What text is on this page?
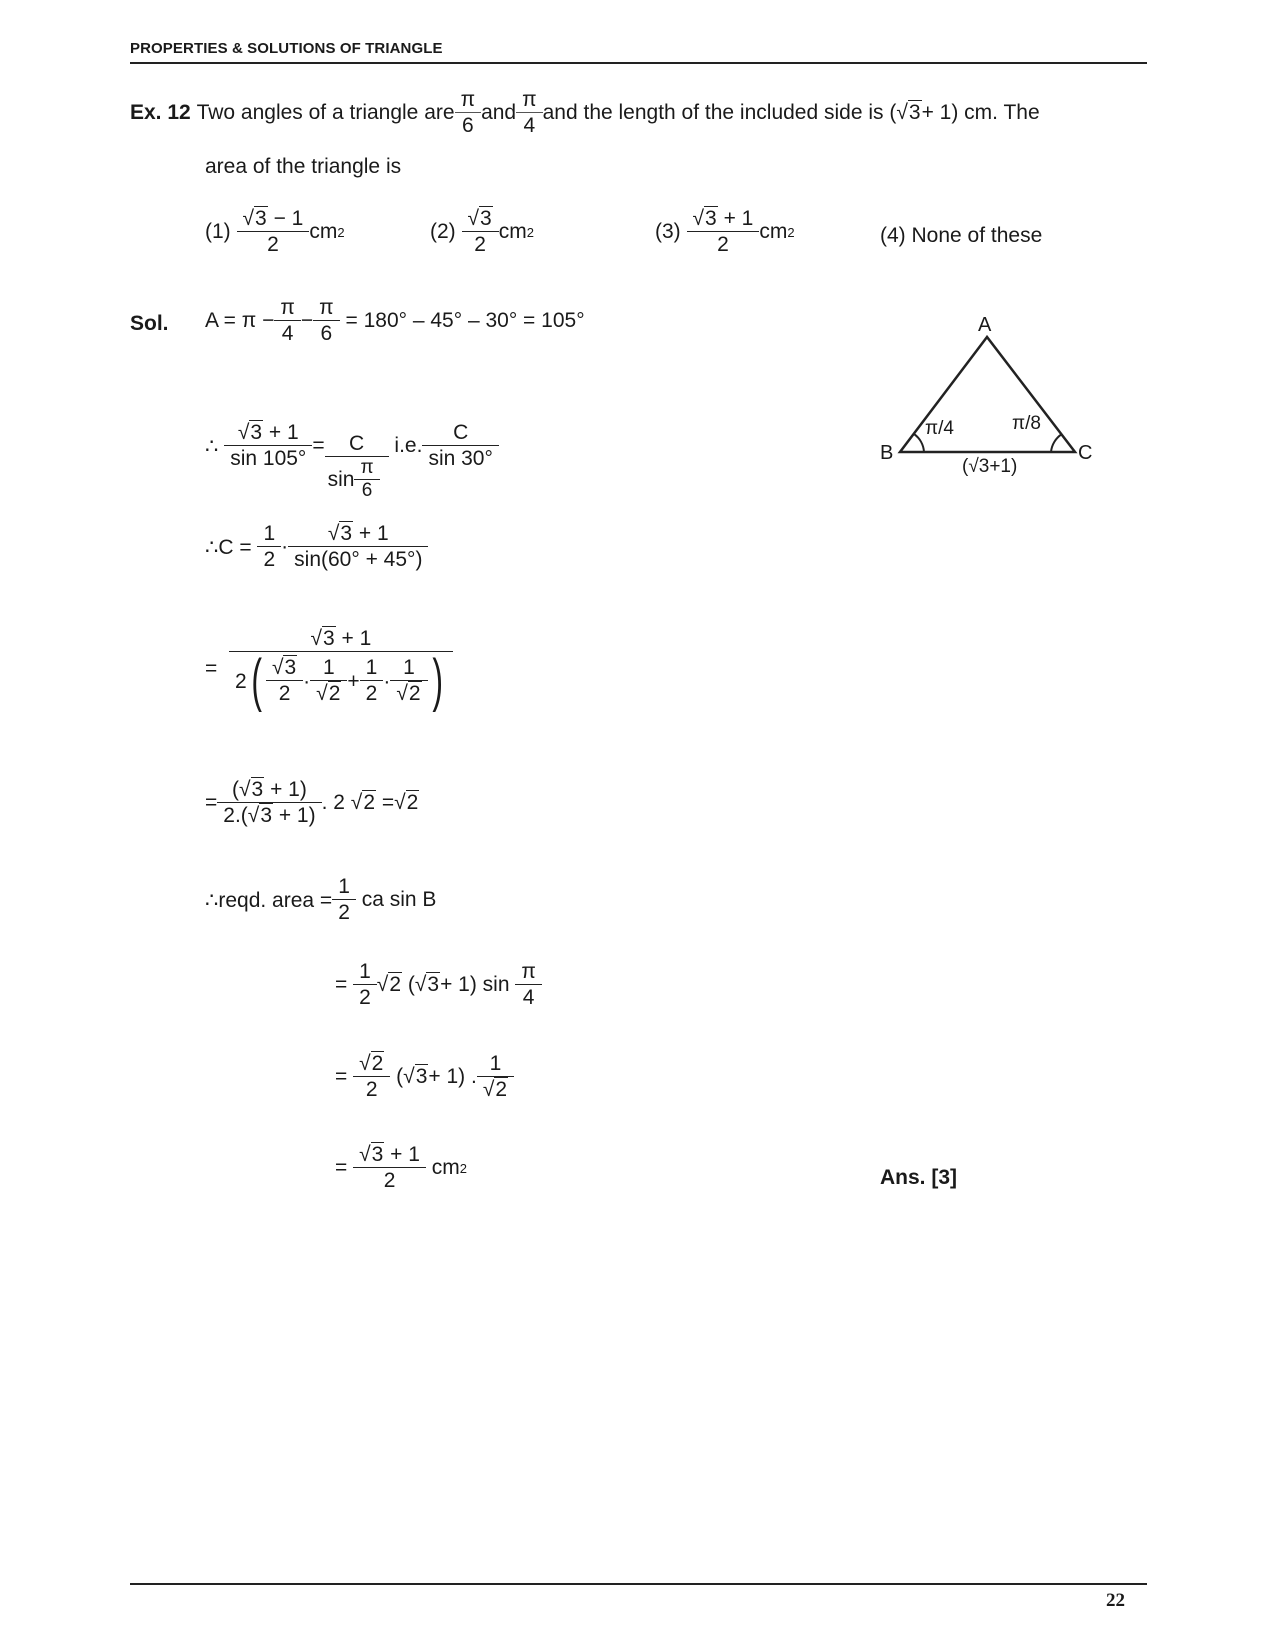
PROPERTIES & SOLUTIONS OF TRIANGLE
Ex. 12
Two angles of a triangle are $\frac{\pi}{6}$ and $\frac{\pi}{4}$ and the length of the included side is ( √3 + 1) cm. The
area of the triangle is
(1)
$\frac{√3 - 1}{2}$ cm 2	(2)
$\frac{√3}{2}$ cm 2	(3)
$\frac{√3 + 1}{2}$ cm 2	(4) None of these
Sol. $A = \pi - \frac{\pi}{4} - \frac{\pi}{6}$
= 180° – 45° – 30° = 105°
∴
$\frac{√3 + 1}{\sin 105^\circ} = \frac{C}{\sin \frac{\pi}{6}}$
i.e. $\frac{C}{\sin 30^\circ}$
∴C =
$\frac{1}{2} \cdot \frac{√3 + 1}{\sin(60^\circ + 45^\circ)}$
=
$\frac{√3 + 1}{2 ( \frac{√3}{2} \cdot \frac{1}{√2} + \frac{1}{2} \cdot \frac{1}{√2} )}$
= $\frac{(√3 + 1)}{2.(√3 + 1)}$ . 2 √ 2
= √ 2
∴reqd. area = $\frac{1}{2}$
ca sin B
=
$\frac{1}{2}$ √ 2
( √ 3 + 1) sin
$\frac{\pi}{4}$
=
$\frac{√2}{2}$
( √ 3 + 1) . $\frac{1}{√2}$
=
$\frac{√3 + 1}{2}$
cm 2	Ans. [3]
A
B	C
π/4	π/8
(√3+1)
22
